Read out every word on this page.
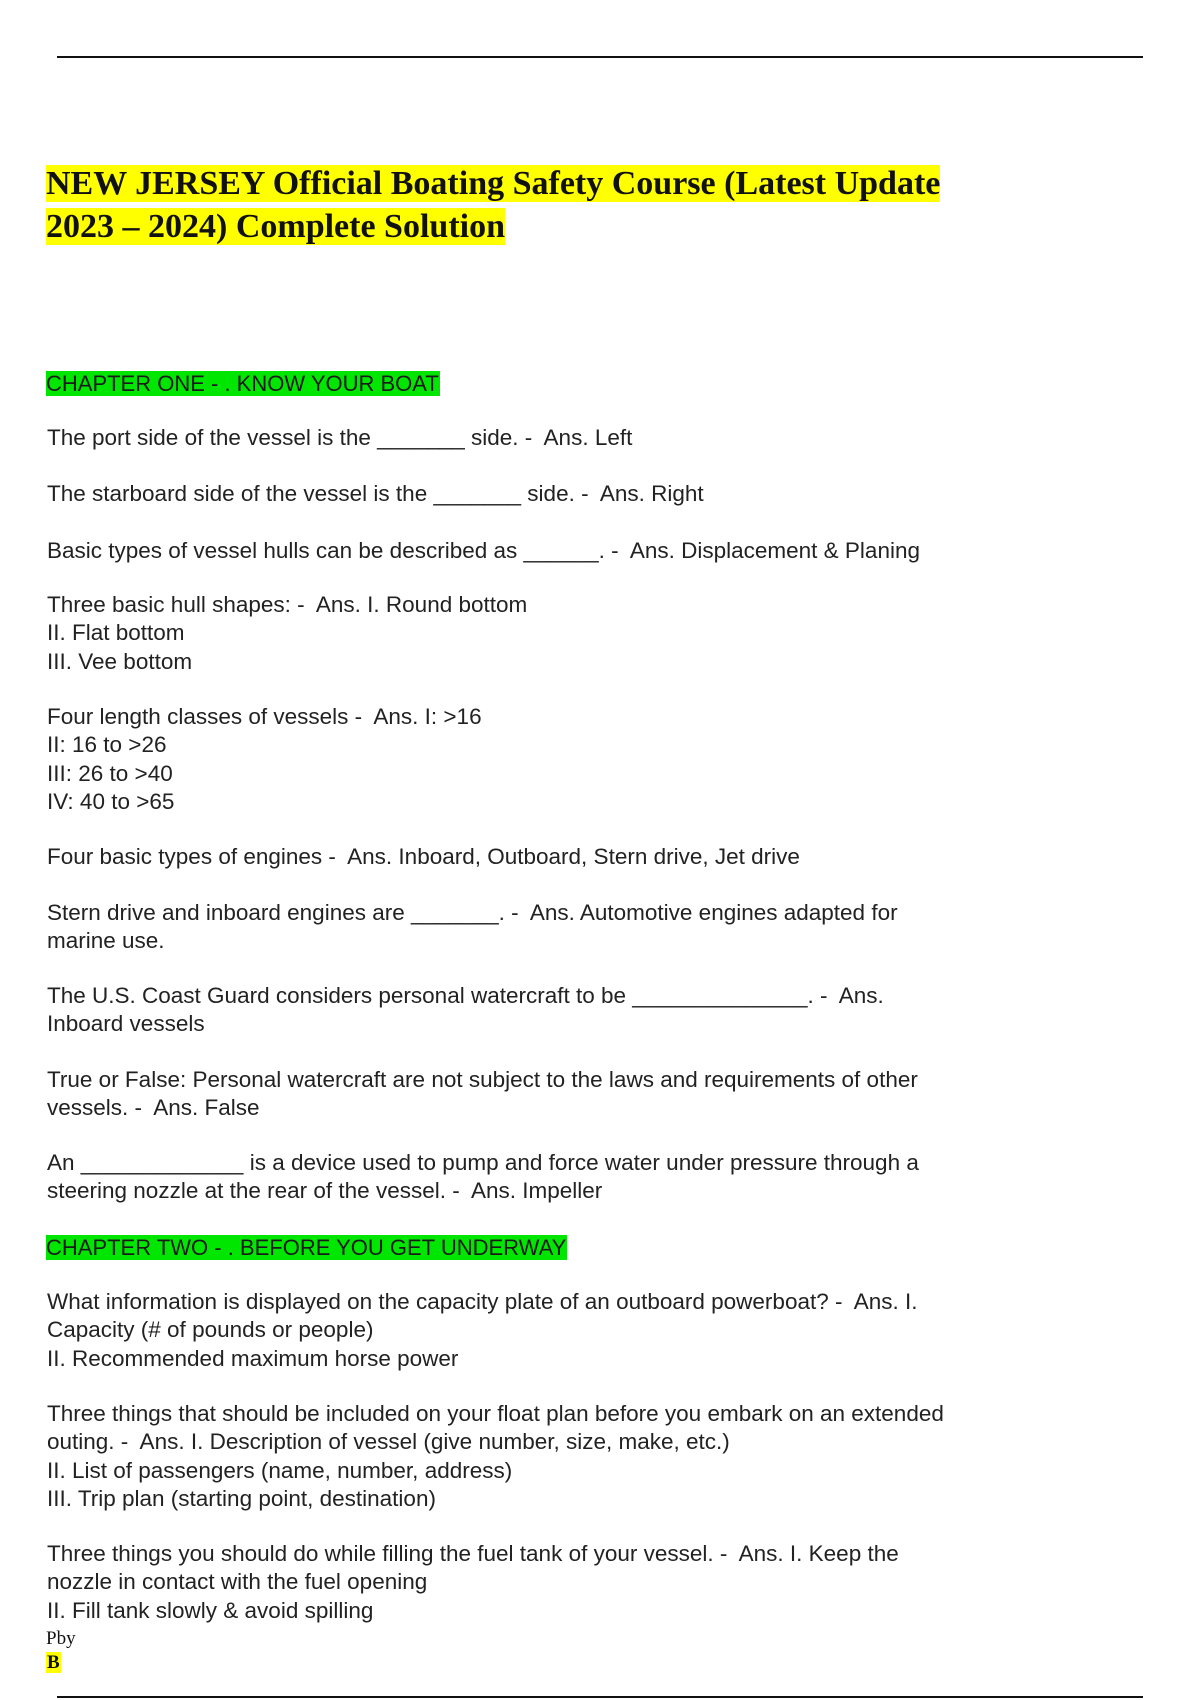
NEW JERSEY Official Boating Safety Course (Latest Update
2023 – 2024) Complete Solution
CHAPTER ONE - . KNOW YOUR BOAT

The port side of the vessel is the _______ side. -  Ans. Left

The starboard side of the vessel is the _______ side. -  Ans. Right

Basic types of vessel hulls can be described as ______. -  Ans. Displacement & Planing

Three basic hull shapes: -  Ans. I. Round bottom
II. Flat bottom
III. Vee bottom

Four length classes of vessels -  Ans. I: >16
II: 16 to >26
III: 26 to >40
IV: 40 to >65

Four basic types of engines -  Ans. Inboard, Outboard, Stern drive, Jet drive

Stern drive and inboard engines are _______. -  Ans. Automotive engines adapted for
marine use.

The U.S. Coast Guard considers personal watercraft to be ______________. -  Ans.
Inboard vessels

True or False: Personal watercraft are not subject to the laws and requirements of other
vessels. -  Ans. False

An _____________ is a device used to pump and force water under pressure through a
steering nozzle at the rear of the vessel. -  Ans. Impeller

CHAPTER TWO - . BEFORE YOU GET UNDERWAY

What information is displayed on the capacity plate of an outboard powerboat? -  Ans. I.
Capacity (# of pounds or people)
II. Recommended maximum horse power

Three things that should be included on your float plan before you embark on an extended
outing. -  Ans. I. Description of vessel (give number, size, make, etc.)
II. List of passengers (name, number, address)
III. Trip plan (starting point, destination)

Three things you should do while filling the fuel tank of your vessel. -  Ans. I. Keep the
nozzle in contact with the fuel opening
II. Fill tank slowly & avoid spilling

Pby
B
